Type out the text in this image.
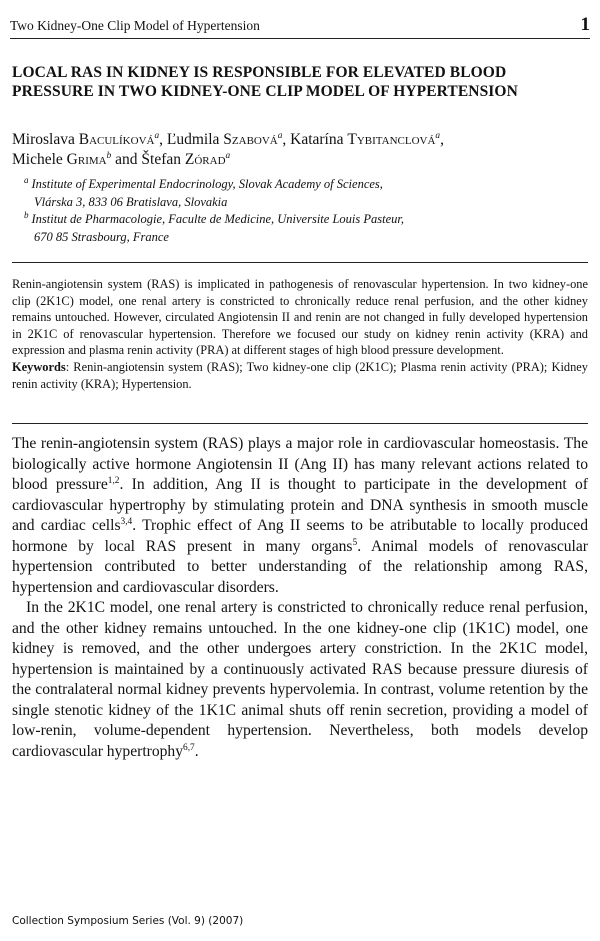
Two Kidney-One Clip Model of Hypertension	1
LOCAL RAS IN KIDNEY IS RESPONSIBLE FOR ELEVATED BLOOD PRESSURE IN TWO KIDNEY-ONE CLIP MODEL OF HYPERTENSION
Miroslava Baculíková$^a$, Ľudmila Szabová$^a$, Katarína Tybitanclová$^a$,
Michele Grima$^b$ and Štefan Zórad$^a$
$^a$ Institute of Experimental Endocrinology, Slovak Academy of Sciences,
Vlárska 3, 833 06 Bratislava, Slovakia
$^b$ Institut de Pharmacologie, Faculte de Medicine, Universite Louis Pasteur,
670 85 Strasbourg, France
Renin-angiotensin system (RAS) is implicated in pathogenesis of renovascular hypertension. In two kidney-one clip (2K1C) model, one renal artery is constricted to chronically reduce renal perfusion, and the other kidney remains untouched. However, circulated Angiotensin II and renin are not changed in fully developed hypertension in 2K1C of renovascular hypertension. Therefore we focused our study on kidney renin activity (KRA) and expression and plasma renin activity (PRA) at different stages of high blood pressure development.
Keywords: Renin-angiotensin system (RAS); Two kidney-one clip (2K1C); Plasma renin activity (PRA); Kidney renin activity (KRA); Hypertension.

The renin-angiotensin system (RAS) plays a major role in cardiovascular homeostasis. The biologically active hormone Angiotensin II (Ang II) has many relevant actions related to blood pressure$^{1,2}$. In addition, Ang II is thought to participate in the development of cardiovascular hypertrophy by stimulating protein and DNA synthesis in smooth muscle and cardiac cells$^{3,4}$. Trophic effect of Ang II seems to be atributable to locally produced hormone by local RAS present in many organs$^5$. Animal models of renovascular hypertension contributed to better understanding of the relationship among RAS, hypertension and cardiovascular disorders.

In the 2K1C model, one renal artery is constricted to chronically reduce renal perfusion, and the other kidney remains untouched. In the one kidney-one clip (1K1C) model, one kidney is removed, and the other undergoes artery constriction. In the 2K1C model, hypertension is maintained by a continuously activated RAS because pressure diuresis of the contralateral normal kidney prevents hypervolemia. In contrast, volume retention by the single stenotic kidney of the 1K1C animal shuts off renin secretion, providing a model of low-renin, volume-dependent hypertension. Nevertheless, both models develop cardiovascular hypertrophy$^{6,7}$.

Collection Symposium Series (Vol. 9) (2007)
